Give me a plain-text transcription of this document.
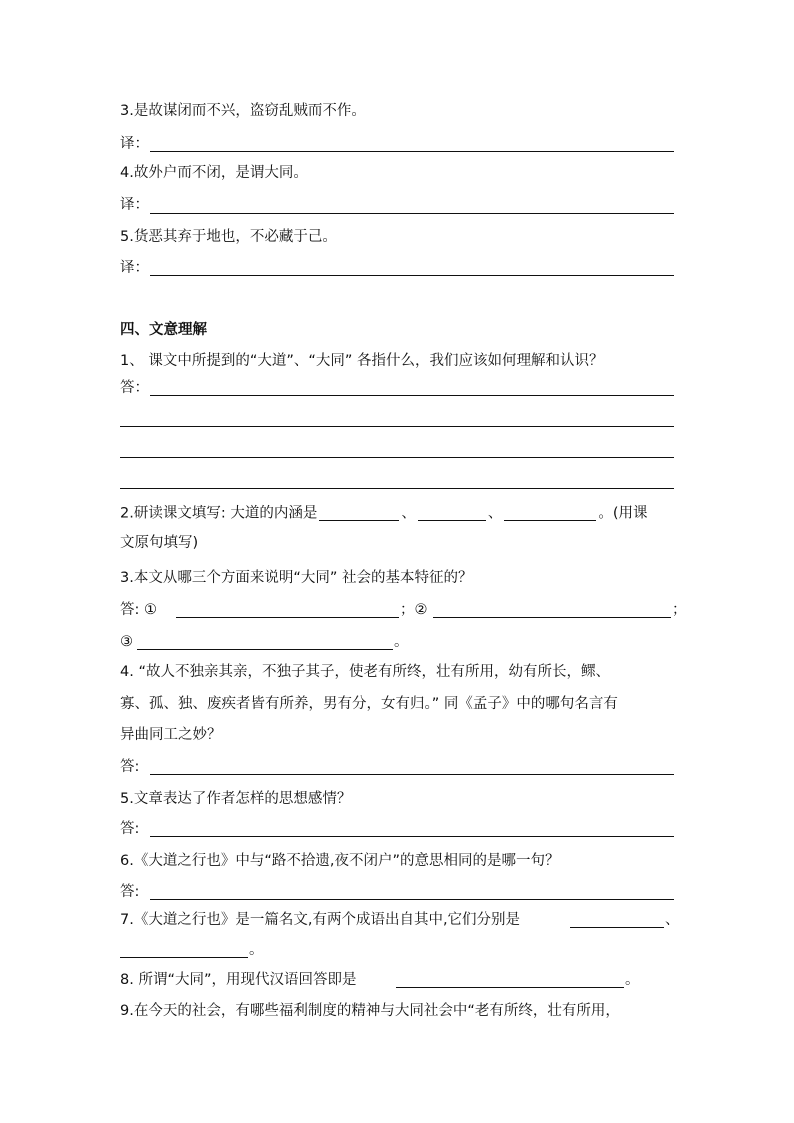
3.是故谋闭而不兴，盗窃乱贼而不作。
译：
4.故外户而不闭，是谓大同。
译：
5.货恶其弃于地也，不必藏于己。
译：
四、文意理解
1、 课文中所提到的“大道”、“大同” 各指什么，我们应该如何理解和认识？
答：
2.研读课文填写: 大道的内涵是	、	、	。(用课
文原句填写)
3.本文从哪三个方面来说明“大同” 社会的基本特征的？
答: ①	；②	；
③	。
4. “故人不独亲其亲，不独子其子，使老有所终，壮有所用，幼有所长，鳏、
寡、孤、独、废疾者皆有所养，男有分，女有归。” 同《孟子》中的哪句名言有
异曲同工之妙？
答:
5.文章表达了作者怎样的思想感情？
答:
6.《大道之行也》中与“路不拾遗,夜不闭户”的意思相同的是哪一句？
答:
7.《大道之行也》是一篇名文,有两个成语出自其中,它们分别是	、
。
8. 所谓“大同”，用现代汉语回答即是	。
9.在今天的社会，有哪些福利制度的精神与大同社会中“老有所终，壮有所用，
